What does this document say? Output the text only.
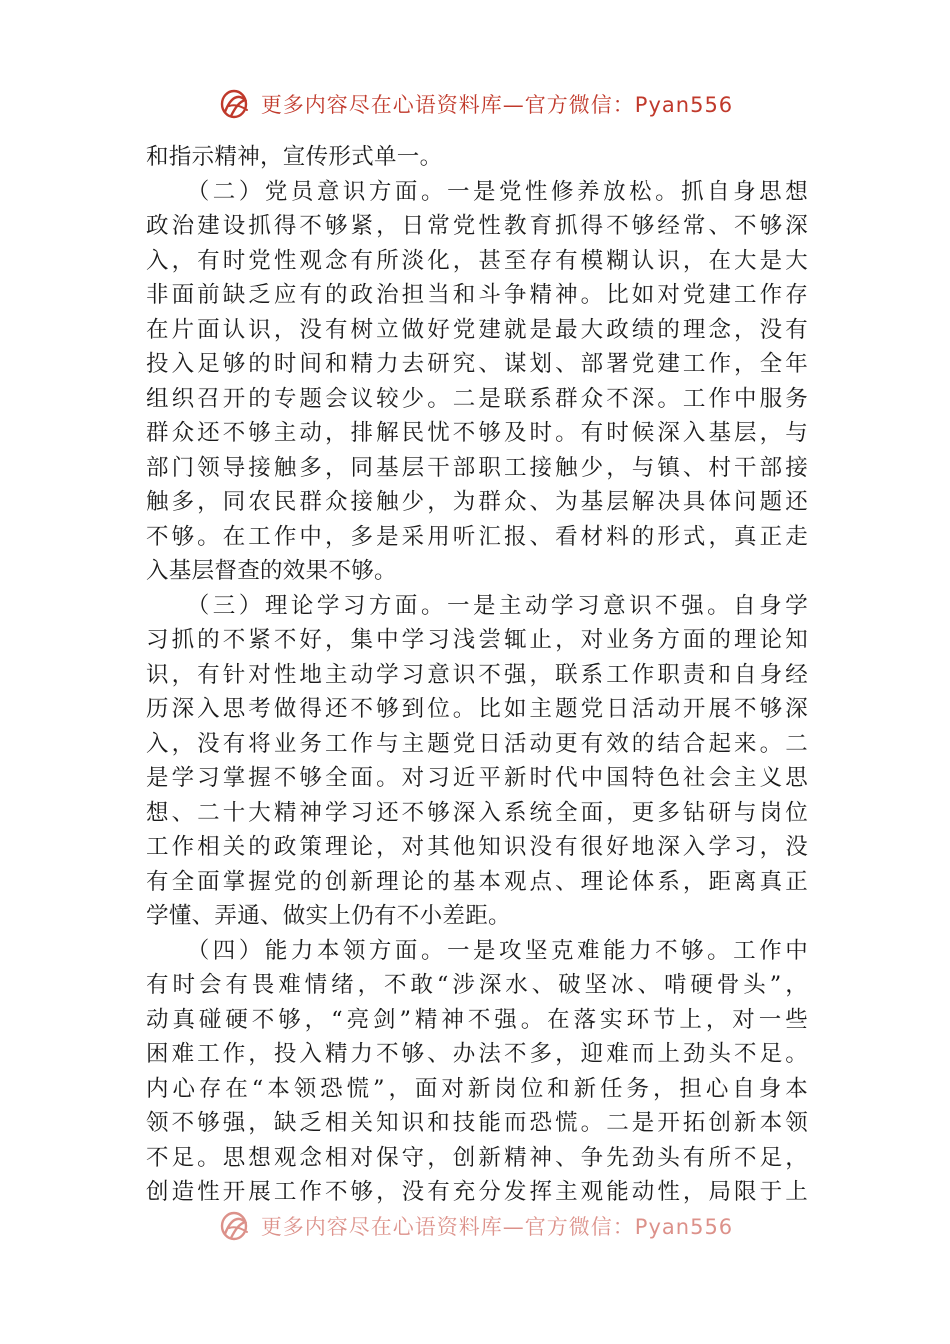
更多内容尽在心语资料库—官方微信：Pyan556
和指示精神，宣传形式单一。
　　（二）党员意识方面。一是党性修养放松。抓自身思想
政治建设抓得不够紧，日常党性教育抓得不够经常、不够深
入，有时党性观念有所淡化，甚至存有模糊认识，在大是大
非面前缺乏应有的政治担当和斗争精神。比如对党建工作存
在片面认识，没有树立做好党建就是最大政绩的理念，没有
投入足够的时间和精力去研究、谋划、部署党建工作，全年
组织召开的专题会议较少。二是联系群众不深。工作中服务
群众还不够主动，排解民忧不够及时。有时候深入基层，与
部门领导接触多，同基层干部职工接触少，与镇、村干部接
触多，同农民群众接触少，为群众、为基层解决具体问题还
不够。在工作中，多是采用听汇报、看材料的形式，真正走
入基层督查的效果不够。
　　（三）理论学习方面。一是主动学习意识不强。自身学
习抓的不紧不好，集中学习浅尝辄止，对业务方面的理论知
识，有针对性地主动学习意识不强，联系工作职责和自身经
历深入思考做得还不够到位。比如主题党日活动开展不够深
入，没有将业务工作与主题党日活动更有效的结合起来。二
是学习掌握不够全面。对习近平新时代中国特色社会主义思
想、二十大精神学习还不够深入系统全面，更多钻研与岗位
工作相关的政策理论，对其他知识没有很好地深入学习，没
有全面掌握党的创新理论的基本观点、理论体系，距离真正
学懂、弄通、做实上仍有不小差距。
　　（四）能力本领方面。一是攻坚克难能力不够。工作中
有时会有畏难情绪，不敢“涉深水、破坚冰、啃硬骨头”，
动真碰硬不够，“亮剑”精神不强。在落实环节上，对一些
困难工作，投入精力不够、办法不多，迎难而上劲头不足。
内心存在“本领恐慌”，面对新岗位和新任务，担心自身本
领不够强，缺乏相关知识和技能而恐慌。二是开拓创新本领
不足。思想观念相对保守，创新精神、争先劲头有所不足，
创造性开展工作不够，没有充分发挥主观能动性，局限于上
更多内容尽在心语资料库—官方微信：Pyan556
